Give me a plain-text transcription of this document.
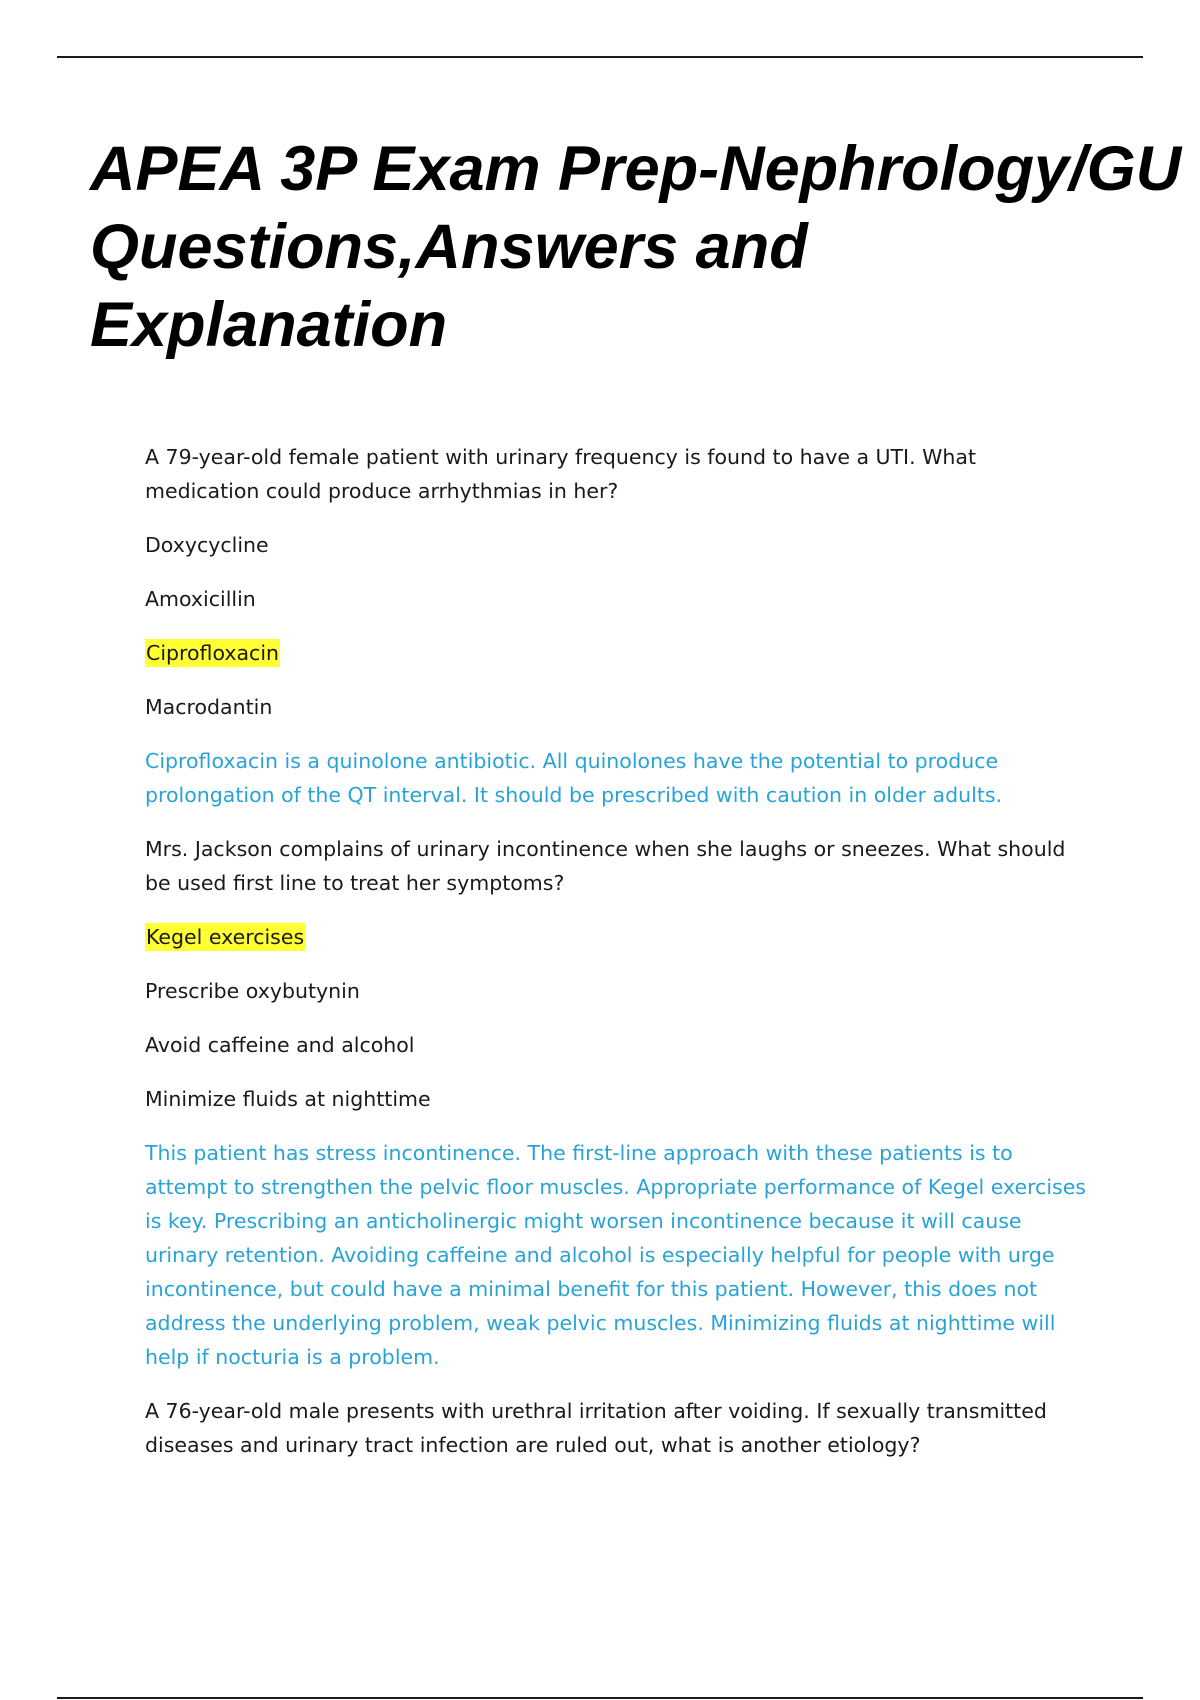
APEA 3P Exam Prep-Nephrology/GU
Questions,Answers and
Explanation

A 79-year-old female patient with urinary frequency is found to have a UTI. What medication could produce arrhythmias in her?

Doxycycline

Amoxicillin

Ciprofloxacin

Macrodantin

Ciprofloxacin is a quinolone antibiotic. All quinolones have the potential to produce prolongation of the QT interval. It should be prescribed with caution in older adults.

Mrs. Jackson complains of urinary incontinence when she laughs or sneezes. What should be used first line to treat her symptoms?

Kegel exercises

Prescribe oxybutynin

Avoid caffeine and alcohol

Minimize fluids at nighttime

This patient has stress incontinence. The first-line approach with these patients is to attempt to strengthen the pelvic floor muscles. Appropriate performance of Kegel exercises is key. Prescribing an anticholinergic might worsen incontinence because it will cause urinary retention. Avoiding caffeine and alcohol is especially helpful for people with urge incontinence, but could have a minimal benefit for this patient. However, this does not address the underlying problem, weak pelvic muscles. Minimizing fluids at nighttime will help if nocturia is a problem.

A 76-year-old male presents with urethral irritation after voiding. If sexually transmitted diseases and urinary tract infection are ruled out, what is another etiology?
